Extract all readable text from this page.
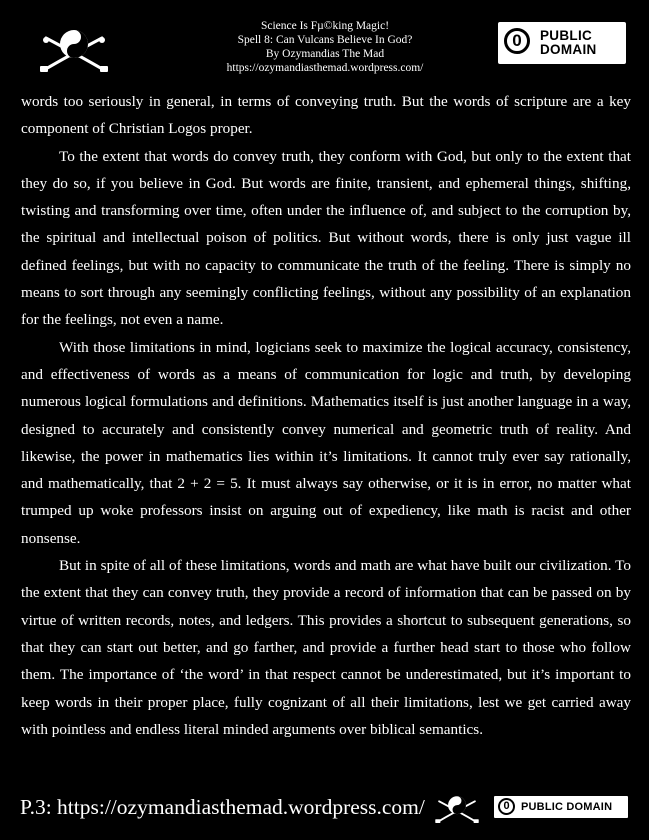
Science Is Fµ©king Magic!
Spell 8: Can Vulcans Believe In God?
By Ozymandias The Mad
https://ozymandiasthemad.wordpress.com/
0	PUBLIC
DOMAIN

words too seriously in general, in terms of conveying truth. But the words of scripture are a key component of Christian Logos proper.

To the extent that words do convey truth, they conform with God, but only to the extent that they do so, if you believe in God. But words are finite, transient, and ephemeral things, shifting, twisting and transforming over time, often under the influence of, and subject to the corruption by, the spiritual and intellectual poison of politics. But without words, there is only just vague ill defined feelings, but with no capacity to communicate the truth of the feeling. There is simply no means to sort through any seemingly conflicting feelings, without any possibility of an explanation for the feelings, not even a name.

With those limitations in mind, logicians seek to maximize the logical accuracy, consistency, and effectiveness of words as a means of communication for logic and truth, by developing numerous logical formulations and definitions. Mathematics itself is just another language in a way, designed to accurately and consistently convey numerical and geometric truth of reality. And likewise, the power in mathematics lies within it’s limitations. It cannot truly ever say rationally, and mathematically, that 2 + 2 = 5. It must always say otherwise, or it is in error, no matter what trumped up woke professors insist on arguing out of expediency, like math is racist and other nonsense.

But in spite of all of these limitations, words and math are what have built our civilization. To the extent that they can convey truth, they provide a record of information that can be passed on by virtue of written records, notes, and ledgers. This provides a shortcut to subsequent generations, so that they can start out better, and go farther, and provide a further head start to those who follow them. The importance of ‘the word’ in that respect cannot be underestimated, but it’s important to keep words in their proper place, fully cognizant of all their limitations, lest we get carried away with pointless and endless literal minded arguments over biblical semantics.

P.3: https://ozymandiasthemad.wordpress.com/	0	PUBLIC DOMAIN
